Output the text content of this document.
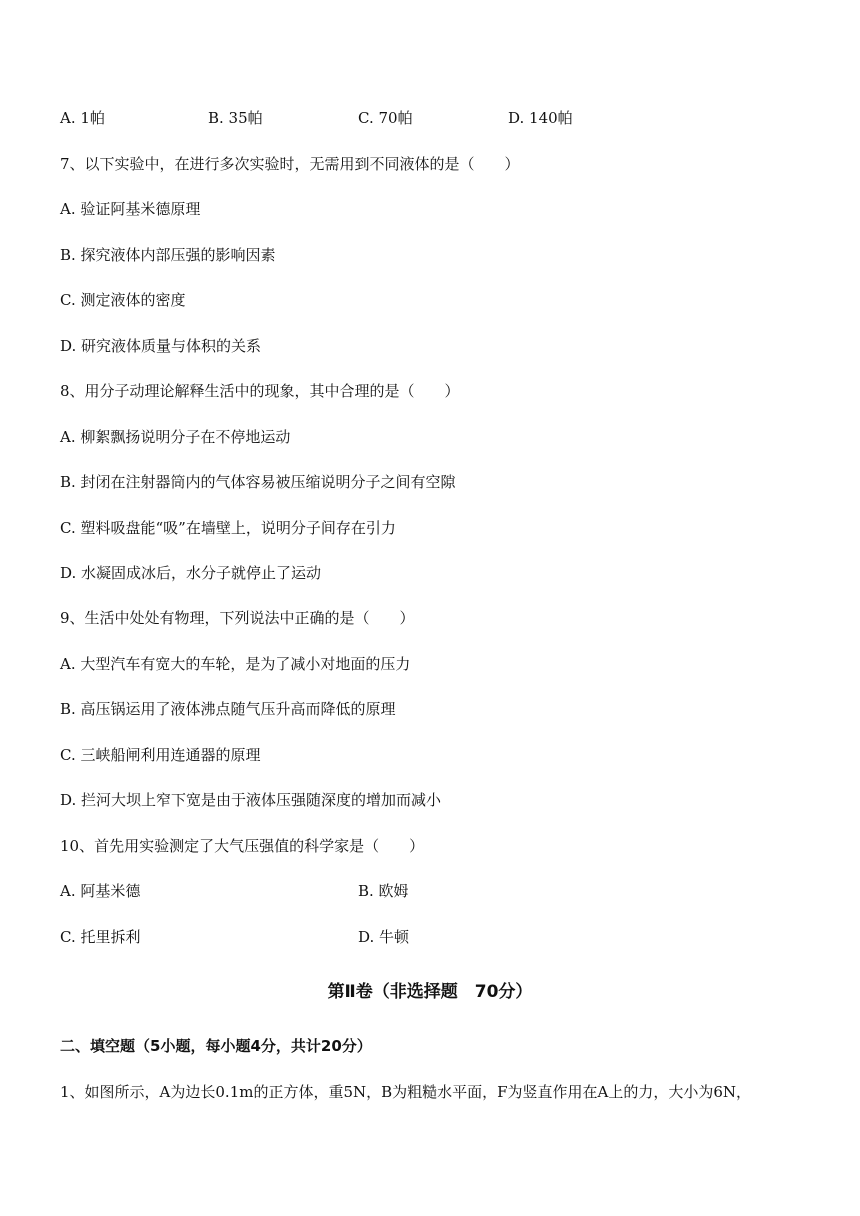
A. 1帕	B. 35帕	C. 70帕	D. 140帕
7、以下实验中，在进行多次实验时，无需用到不同液体的是（　　）
A. 验证阿基米德原理
B. 探究液体内部压强的影响因素
C. 测定液体的密度
D. 研究液体质量与体积的关系
8、用分子动理论解释生活中的现象，其中合理的是（　　）
A. 柳絮飘扬说明分子在不停地运动
B. 封闭在注射器筒内的气体容易被压缩说明分子之间有空隙
C. 塑料吸盘能“吸”在墙壁上，说明分子间存在引力
D. 水凝固成冰后，水分子就停止了运动
9、生活中处处有物理，下列说法中正确的是（　　）
A. 大型汽车有宽大的车轮，是为了减小对地面的压力
B. 高压锅运用了液体沸点随气压升高而降低的原理
C. 三峡船闸利用连通器的原理
D. 拦河大坝上窄下宽是由于液体压强随深度的增加而减小
10、首先用实验测定了大气压强值的科学家是（　　）
A. 阿基米德	B. 欧姆
C. 托里拆利	D. 牛顿
第Ⅱ卷（非选择题　70分）
二、填空题（5小题，每小题4分，共计20分）
1、如图所示，A为边长0.1m的正方体，重5N，B为粗糙水平面，F为竖直作用在A上的力，大小为6N，
